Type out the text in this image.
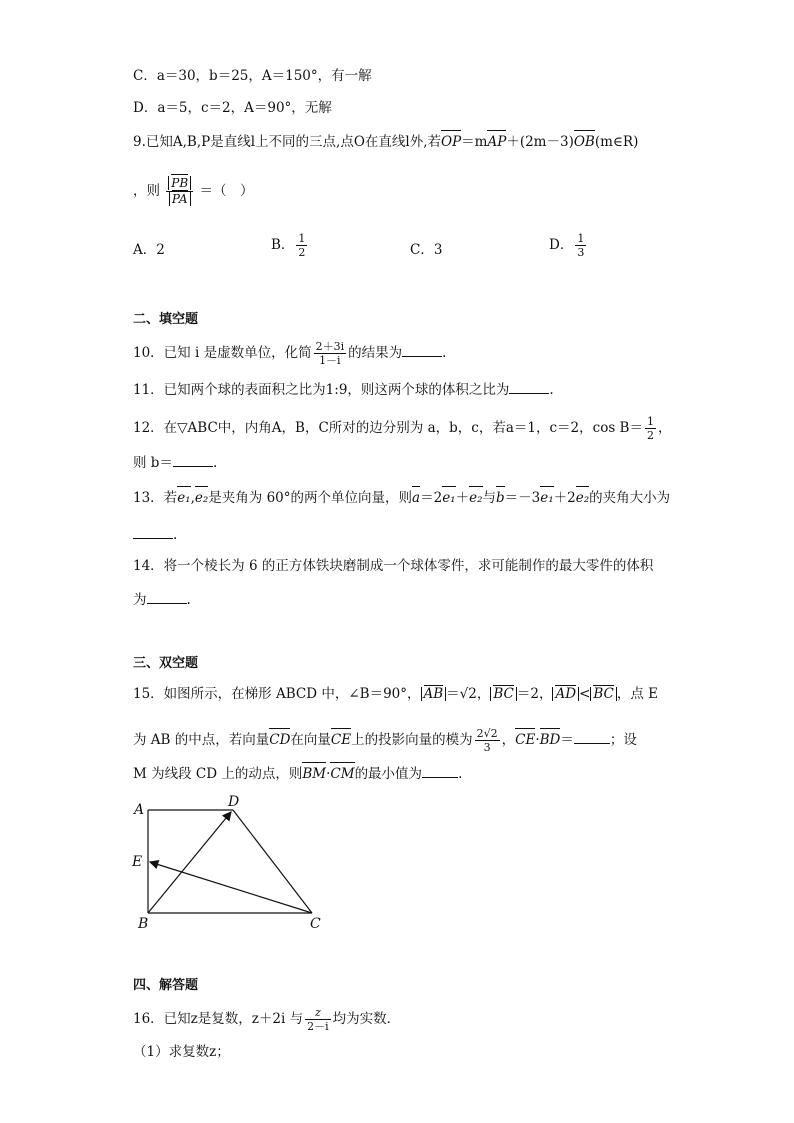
C．a＝30，b＝25，A＝150°，有一解
D．a＝5，c＝2，A＝90°，无解
9.已知A,B,P是直线l上不同的三点,点O在直线l外,若OP＝mAP＋(2m－3)OB(m∈R)
，则 $\frac{PB}{PA}$ ＝（　）
A．2	B． $\frac{1}{2}$	C．3	D． $\frac{1}{3}$
二、填空题
10．已知 i 是虚数单位，化简 $\frac{2+3i}{1-i}$ 的结果为	.
11．已知两个球的表面积之比为1:9，则这两个球的体积之比为	.
12．在▽ABC中，内角A，B，C所对的边分别为 a，b，c，若a＝1，c＝2，$\cos B= \frac{1}{2}$ ，
则 b＝	.
13．若e₁,e₂是夹角为 60°的两个单位向量，则a＝2e₁＋e₂与b＝－3e₁＋2e₂的夹角大小为
.
14．将一个棱长为 6 的正方体铁块磨制成一个球体零件，求可能制作的最大零件的体积
为	.
三、双空题
15．如图所示，在梯形 ABCD 中，∠B＝90°， AB ＝√2， BC ＝2， AD < BC ，点 E
为 AB 的中点，若向量CD在向量CE上的投影向量的模为 $\frac{2√2}{3}$ ，CE·BD＝	；设
M 为线段 CD 上的动点，则BM·CM的最小值为	.
A	D
E
B	C
四、解答题
16．已知z是复数，z＋2i 与 $\frac{z}{2-i}$ 均为实数．
（1）求复数z；
